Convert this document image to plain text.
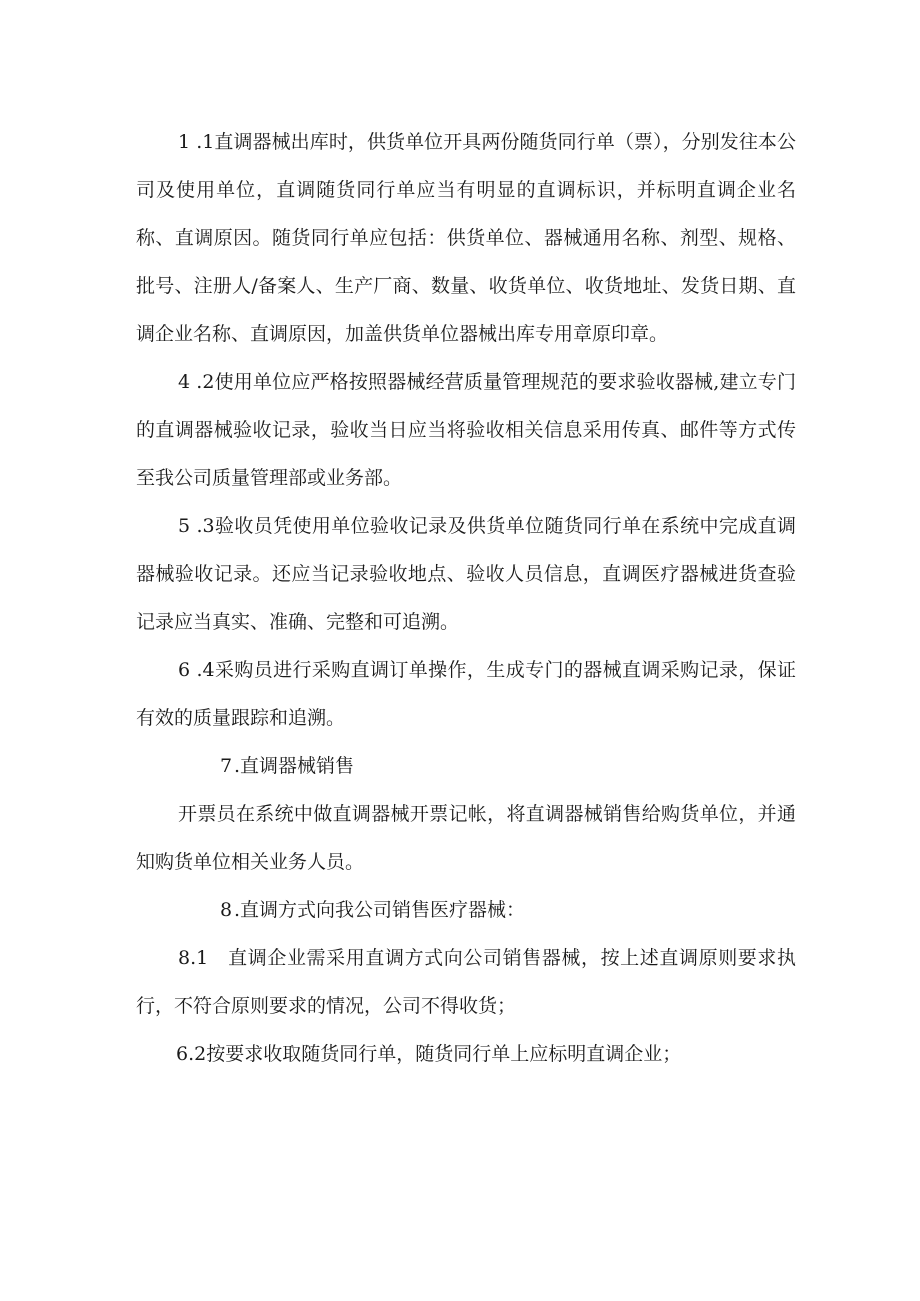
1 .1直调器械出库时，供货单位开具两份随货同行单（票），分别发往本公司及使用单位，直调随货同行单应当有明显的直调标识，并标明直调企业名称、直调原因。随货同行单应包括：供货单位、器械通用名称、剂型、规格、批号、注册人/备案人、生产厂商、数量、收货单位、收货地址、发货日期、直调企业名称、直调原因，加盖供货单位器械出库专用章原印章。

4 .2使用单位应严格按照器械经营质量管理规范的要求验收器械,建立专门的直调器械验收记录，验收当日应当将验收相关信息采用传真、邮件等方式传至我公司质量管理部或业务部。

5 .3验收员凭使用单位验收记录及供货单位随货同行单在系统中完成直调器械验收记录。还应当记录验收地点、验收人员信息，直调医疗器械进货查验记录应当真实、准确、完整和可追溯。

6 .4采购员进行采购直调订单操作，生成专门的器械直调采购记录，保证有效的质量跟踪和追溯。

7 .直调器械销售

开票员在系统中做直调器械开票记帐，将直调器械销售给购货单位，并通知购货单位相关业务人员。

8 .直调方式向我公司销售医疗器械：

8.1 直调企业需采用直调方式向公司销售器械，按上述直调原则要求执行，不符合原则要求的情况，公司不得收货；

6.2按要求收取随货同行单，随货同行单上应标明直调企业；
